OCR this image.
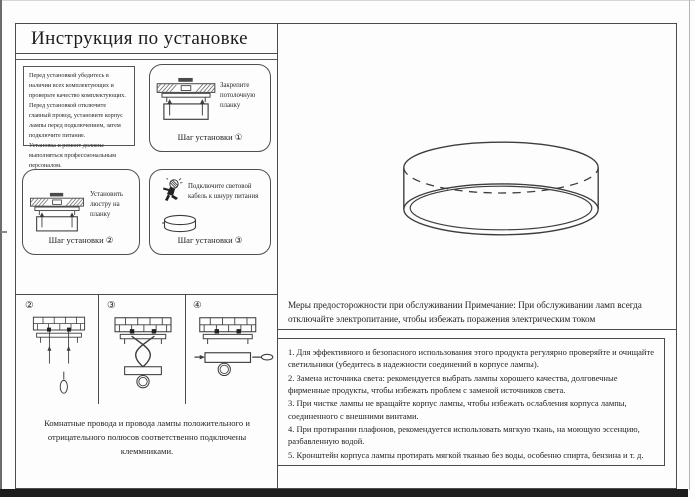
Инструкция по установке

Перед установкой убедитесь в наличии всех комплектующих и проверьте качество комплектующих.

Перед установкой отключите главный провод, установите корпус лампы перед подключением, затем подключите питание.

Установка и ремонт должны выполняться профессиональным персоналом.

Закрепите потолочную планку
Шаг установки ①
Установить люстру на планку
Шаг установки ②
Подключите световой кабель к шнуру питания
Шаг установки ③
②	③	④
Комнатные провода и провода лампы положительного и отрицательного полюсов соответственно подключены клеммниками.
Меры предосторожности при обслуживании Примечание: При обслуживании ламп всегда отключайте электропитание, чтобы избежать поражения электрическим током

1. Для эффективного и безопасного использования этого продукта регулярно проверяйте и очищайте светильники (убедитесь в надежности соединений в корпусе лампы).

2. Замена источника света: рекомендуется выбрать лампы хорошего качества, долговечные фирменные продукты, чтобы избежать проблем с заменой источников света.

3. При чистке лампы не вращайте корпус лампы, чтобы избежать ослабления корпуса лампы, соединенного с внешними винтами.

4. При протирании плафонов, рекомендуется использовать мягкую ткань, на моющую эссенцию, разбавленную водой.

5. Кронштейн корпуса лампы протирать мягкой тканью без воды, особенно спирта, бензина и т. д.
